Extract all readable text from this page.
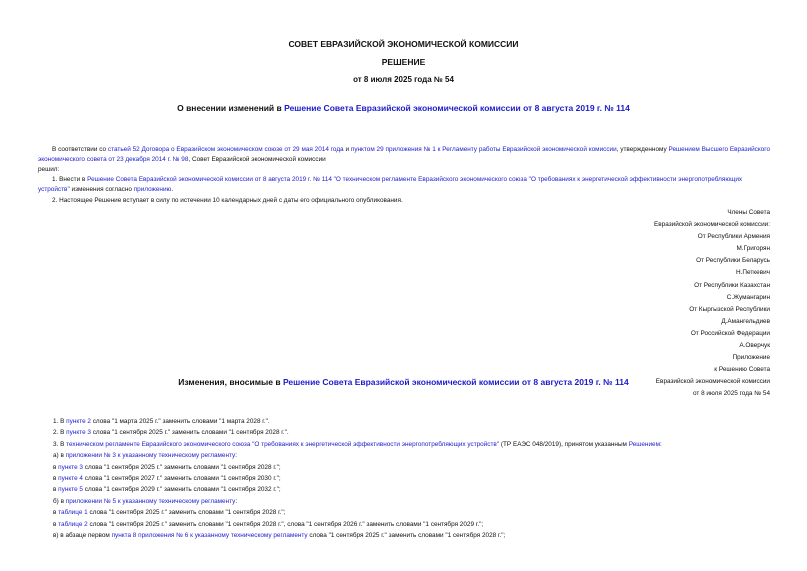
СОВЕТ ЕВРАЗИЙСКОЙ ЭКОНОМИЧЕСКОЙ КОМИССИИ
РЕШЕНИЕ
от 8 июля 2025 года № 54
О внесении изменений в Решение Совета Евразийской экономической комиссии от 8 августа 2019 г. № 114
В соответствии со статьей 52 Договора о Евразийском экономическом союзе от 29 мая 2014 года и пунктом 29 приложения № 1 к Регламенту работы Евразийской экономической комиссии, утвержденному Решением Высшего Евразийского экономического совета от 23 декабря 2014 г. № 98, Совет Евразийской экономической комиссии
решил:
1. Внести в Решение Совета Евразийской экономической комиссии от 8 августа 2019 г. № 114 "О техническом регламенте Евразийского экономического союза "О требованиях к энергетической эффективности энергопотребляющих устройств" изменения согласно приложению.
2. Настоящее Решение вступает в силу по истечении 10 календарных дней с даты его официального опубликования.
Члены Совета
Евразийской экономической комиссии:
От Республики Армения
М.Григорян
От Республики Беларусь
Н.Петкевич
От Республики Казахстан
С.Жумангарин
От Кыргызской Республики
Д.Амангельдиев
От Российской Федерации
А.Оверчук
Приложение
к Решению Совета
Евразийской экономической комиссии
от 8 июля 2025 года № 54
Изменения, вносимые в Решение Совета Евразийской экономической комиссии от 8 августа 2019 г. № 114
1. В пункте 2 слова "1 марта 2025 г." заменить словами "1 марта 2028 г.".
2. В пункте 3 слова "1 сентября 2025 г." заменить словами "1 сентября 2028 г.".
3. В техническом регламенте Евразийского экономического союза "О требованиях к энергетической эффективности энергопотребляющих устройств" (ТР ЕАЭС 048/2019), принятом указанным Решением:
а) в приложении № 3 к указанному техническому регламенту:
в пункте 3 слова "1 сентября 2025 г." заменить словами "1 сентября 2028 г.";
в пункте 4 слова "1 сентября 2027 г." заменить словами "1 сентября 2030 г.";
в пункте 5 слова "1 сентября 2029 г." заменить словами "1 сентября 2032 г.";
б) в приложении № 5 к указанному техническому регламенту:
в таблице 1 слова "1 сентября 2025 г." заменить словами "1 сентября 2028 г.";
в таблице 2 слова "1 сентября 2025 г." заменить словами "1 сентября 2028 г.", слова "1 сентября 2026 г." заменить словами "1 сентября 2029 г.";
в) в абзаце первом пункта 8 приложения № 6 к указанному техническому регламенту слова "1 сентября 2025 г." заменить словами "1 сентября 2028 г.";
